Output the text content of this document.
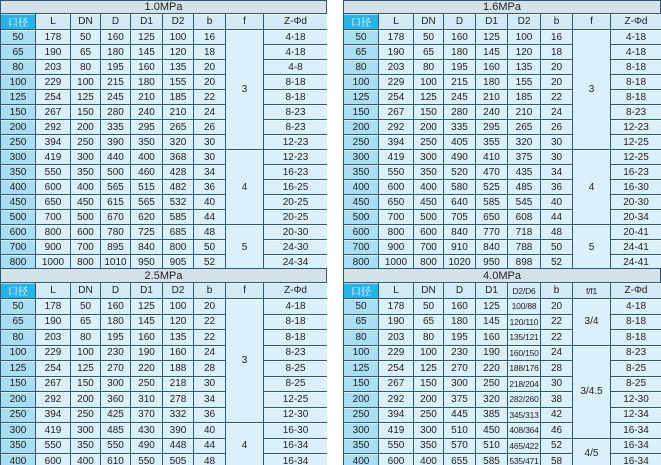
1.0MPa
口径	L	DN	D	D1	D2	b	f	Z-Φd
50	178	50	160	125	100	16	3	4-18
65	190	65	180	145	120	18		4-18
80	203	80	195	160	135	20		4-8
100	229	100	215	180	155	20		8-18
125	254	125	245	210	185	22		8-18
150	267	150	280	240	210	24		8-23
200	292	200	335	295	265	26		8-23
250	394	250	390	350	320	30		12-23
300	419	300	440	400	368	30	4	12-23
350	550	350	500	460	428	34		16-23
400	600	400	565	515	482	36		16-25
450	650	450	615	565	532	40		20-25
500	700	500	670	620	585	44		20-25
600	800	600	780	725	685	48	5	20-30
700	900	700	895	840	800	50		24-30
800	1000	800	1010	950	905	52		24-34
1.6MPa
口径	L	DN	D	D1	D2	b	f	Z-Φd
50	178	50	160	125	100	16	3	4-18
65	190	65	180	145	120	18		4-18
80	203	80	195	160	135	20		8-18
100	229	100	215	180	155	20		8-18
125	254	125	245	210	185	22		8-18
150	267	150	280	240	210	24		8-23
200	292	200	335	295	265	26		12-23
250	394	250	405	355	320	30		12-25
300	419	300	490	410	375	30	4	12-25
350	550	350	520	470	435	34		16-23
400	600	400	580	525	485	36		16-30
450	650	450	640	585	545	40		20-30
500	700	500	705	650	608	44		20-34
600	800	600	840	770	718	48	5	20-41
700	900	700	910	840	788	50		24-41
800	1000	800	1020	950	898	52		24-41
2.5MPa
口径	L	DN	D	D1	D2	b	f	Z-Φd
50	178	50	160	125	100	20	3	4-18
65	190	65	180	145	120	22		8-18
80	203	80	195	160	135	22		8-18
100	229	100	230	190	160	24		8-23
125	254	125	270	220	188	28		8-25
150	267	150	300	250	218	30		8-25
200	292	200	360	310	278	34		12-25
250	394	250	425	370	332	36		12-30
300	419	300	485	430	390	40	4	16-30
350	550	350	550	490	448	44		16-34
400	600	400	610	550	505	48		16-34
4.0MPa
口径	L	DN	D	D1	D2/D6	b	f/f1	Z-Φd
50	178	50	160	125	100/88	20	3/4	4-18
65	190	65	180	145	120/110	22		8-18
80	203	80	195	160	135/121	22		8-18
100	229	100	230	190	160/150	24	3/4.5	8-23
125	254	125	270	220	188/176	28		8-25
150	267	150	300	250	218/204	30		8-25
200	292	200	375	320	282/260	38		12-30
250	394	250	445	385	345/313	42		12-34
300	419	300	510	450	408/364	46		16-34
350	550	350	570	510	465/422	52	4/5	16-34
400	600	400	655	585	535/471	58		16-34
